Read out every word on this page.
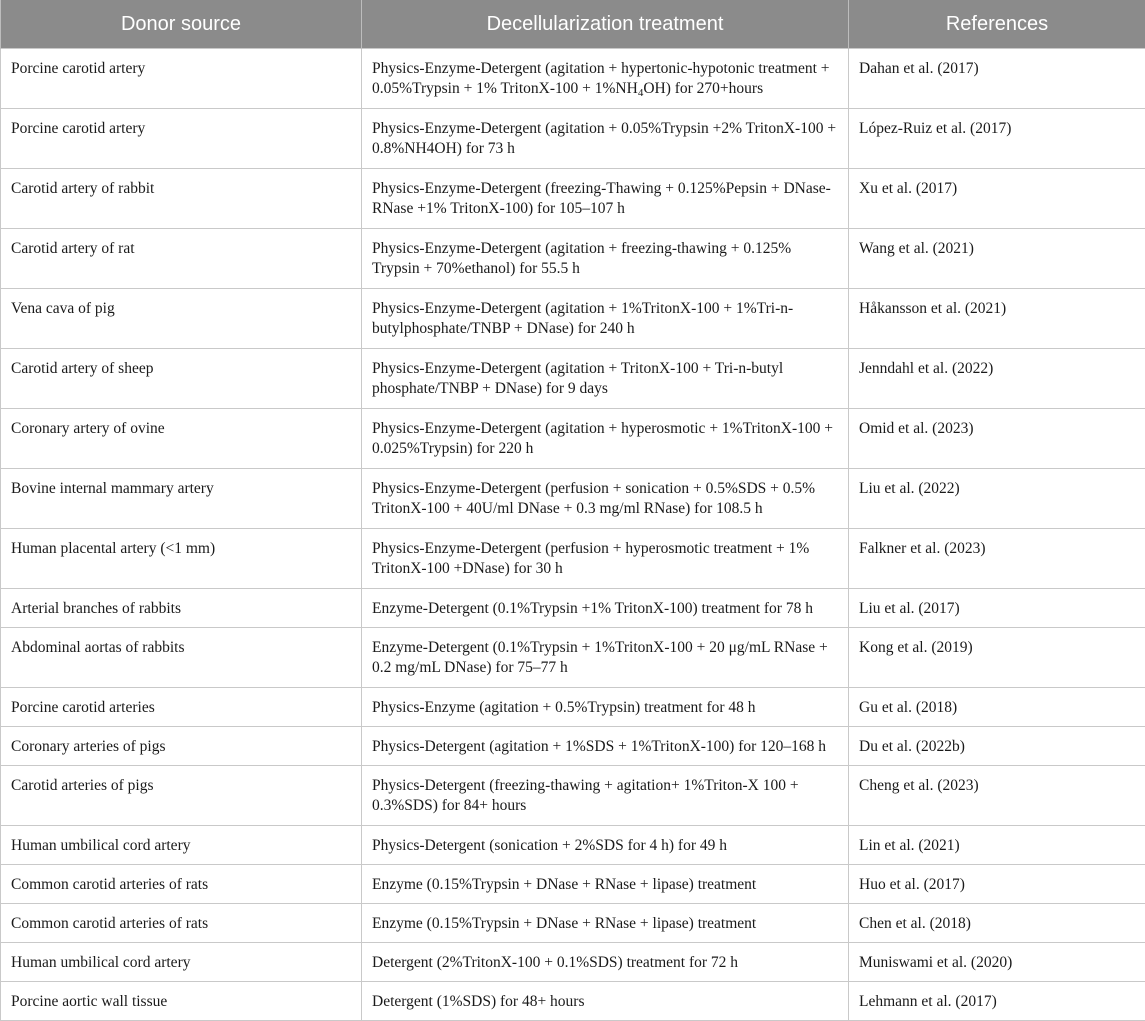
Donor source	Decellularization treatment	References
Porcine carotid artery	Physics-Enzyme-Detergent (agitation + hypertonic-hypotonic treatment + 0.05%Trypsin + 1% TritonX-100 + $1\%NH_4OH$) for 270+hours	Dahan et al. (2017)
Porcine carotid artery	Physics-Enzyme-Detergent (agitation + 0.05%Trypsin +2% TritonX-100 + 0.8%NH4OH) for 73 h	López-Ruiz et al. (2017)
Carotid artery of rabbit	Physics-Enzyme-Detergent (freezing-Thawing + 0.125%Pepsin + DNase-RNase +1% TritonX-100) for 105–107 h	Xu et al. (2017)
Carotid artery of rat	Physics-Enzyme-Detergent (agitation + freezing-thawing + 0.125% Trypsin + 70%ethanol) for 55.5 h	Wang et al. (2021)
Vena cava of pig	Physics-Enzyme-Detergent (agitation + 1%TritonX-100 + 1%Tri-n-butylphosphate/TNBP + DNase) for 240 h	Håkansson et al. (2021)
Carotid artery of sheep	Physics-Enzyme-Detergent (agitation + TritonX-100 + Tri-n-butyl phosphate/TNBP + DNase) for 9 days	Jenndahl et al. (2022)
Coronary artery of ovine	Physics-Enzyme-Detergent (agitation + hyperosmotic + 1%TritonX-100 + 0.025%Trypsin) for 220 h	Omid et al. (2023)
Bovine internal mammary artery	Physics-Enzyme-Detergent (perfusion + sonication + 0.5%SDS + 0.5% TritonX-100 + 40U/ml DNase + 0.3 mg/ml RNase) for 108.5 h	Liu et al. (2022)
Human placental artery (<1 mm)	Physics-Enzyme-Detergent (perfusion + hyperosmotic treatment + 1% TritonX-100 +DNase) for 30 h	Falkner et al. (2023)
Arterial branches of rabbits	Enzyme-Detergent (0.1%Trypsin +1% TritonX-100) treatment for 78 h	Liu et al. (2017)
Abdominal aortas of rabbits	Enzyme-Detergent (0.1%Trypsin + 1%TritonX-100 + 20 μg/mL RNase + 0.2 mg/mL DNase) for 75–77 h	Kong et al. (2019)
Porcine carotid arteries	Physics-Enzyme (agitation + 0.5%Trypsin) treatment for 48 h	Gu et al. (2018)
Coronary arteries of pigs	Physics-Detergent (agitation + 1%SDS + 1%TritonX-100) for 120–168 h	Du et al. (2022b)
Carotid arteries of pigs	Physics-Detergent (freezing-thawing + agitation+ 1%Triton-X 100 + 0.3%SDS) for 84+ hours	Cheng et al. (2023)
Human umbilical cord artery	Physics-Detergent (sonication + 2%SDS for 4 h) for 49 h	Lin et al. (2021)
Common carotid arteries of rats	Enzyme (0.15%Trypsin + DNase + RNase + lipase) treatment	Huo et al. (2017)
Common carotid arteries of rats	Enzyme (0.15%Trypsin + DNase + RNase + lipase) treatment	Chen et al. (2018)
Human umbilical cord artery	Detergent (2%TritonX-100 + 0.1%SDS) treatment for 72 h	Muniswami et al. (2020)
Porcine aortic wall tissue	Detergent (1%SDS) for 48+ hours	Lehmann et al. (2017)
